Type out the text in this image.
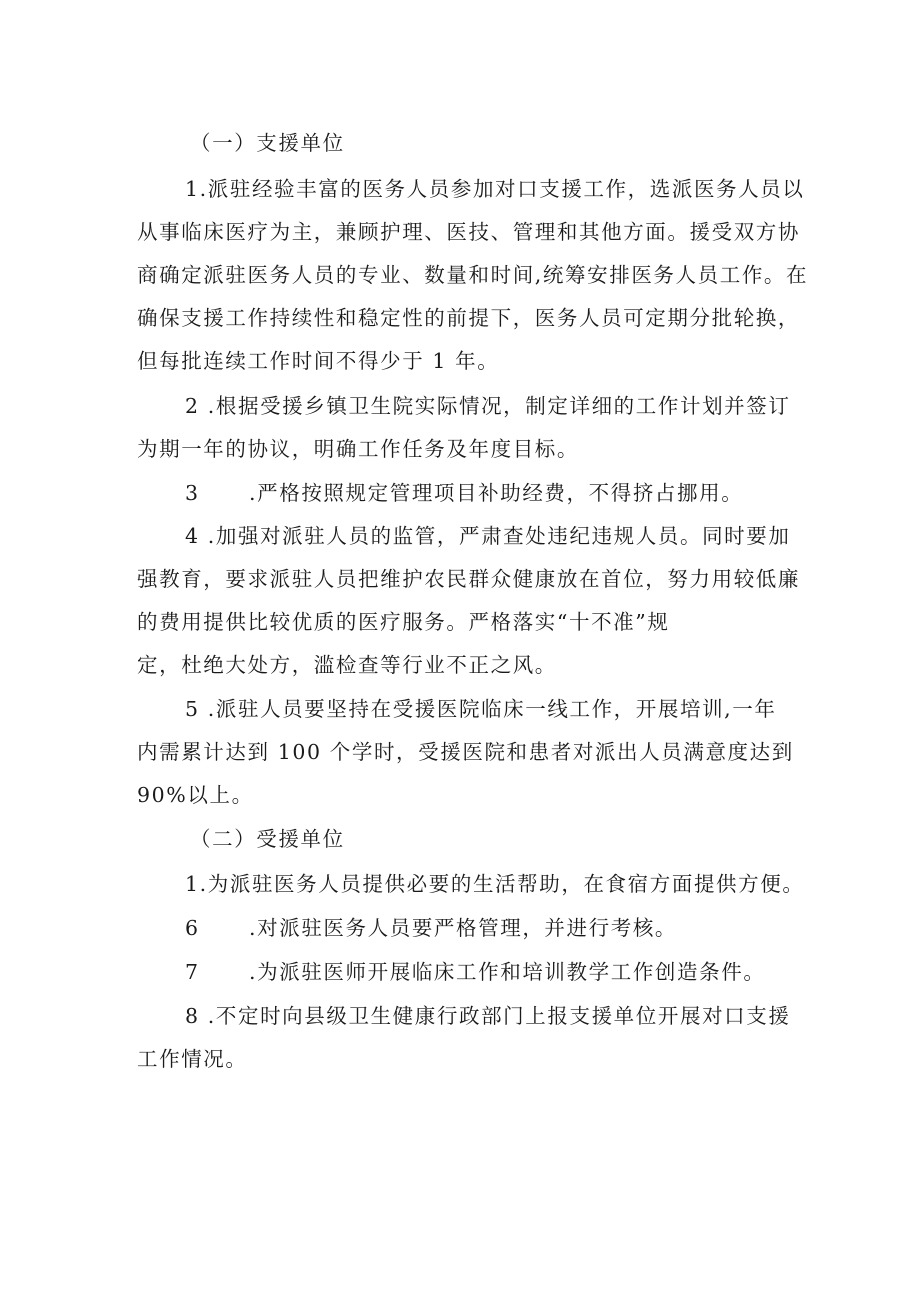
（一）支援单位

1.派驻经验丰富的医务人员参加对口支援工作，选派医务人员以

从事临床医疗为主，兼顾护理、医技、管理和其他方面。援受双方协

商确定派驻医务人员的专业、数量和时间,统筹安排医务人员工作。在

确保支援工作持续性和稳定性的前提下，医务人员可定期分批轮换，

但每批连续工作时间不得少于 1 年。

2 .根据受援乡镇卫生院实际情况，制定详细的工作计划并签订

为期一年的协议，明确工作任务及年度目标。

3 .严格按照规定管理项目补助经费，不得挤占挪用。

4 .加强对派驻人员的监管，严肃查处违纪违规人员。同时要加

强教育，要求派驻人员把维护农民群众健康放在首位，努力用较低廉

的费用提供比较优质的医疗服务。严格落实“十不准”规

定，杜绝大处方，滥检查等行业不正之风。

5 .派驻人员要坚持在受援医院临床一线工作，开展培训,一年

内需累计达到 100 个学时，受援医院和患者对派出人员满意度达到

90%以上。

（二）受援单位

1.为派驻医务人员提供必要的生活帮助，在食宿方面提供方便。

6 .对派驻医务人员要严格管理，并进行考核。

7 .为派驻医师开展临床工作和培训教学工作创造条件。

8 .不定时向县级卫生健康行政部门上报支援单位开展对口支援

工作情况。
